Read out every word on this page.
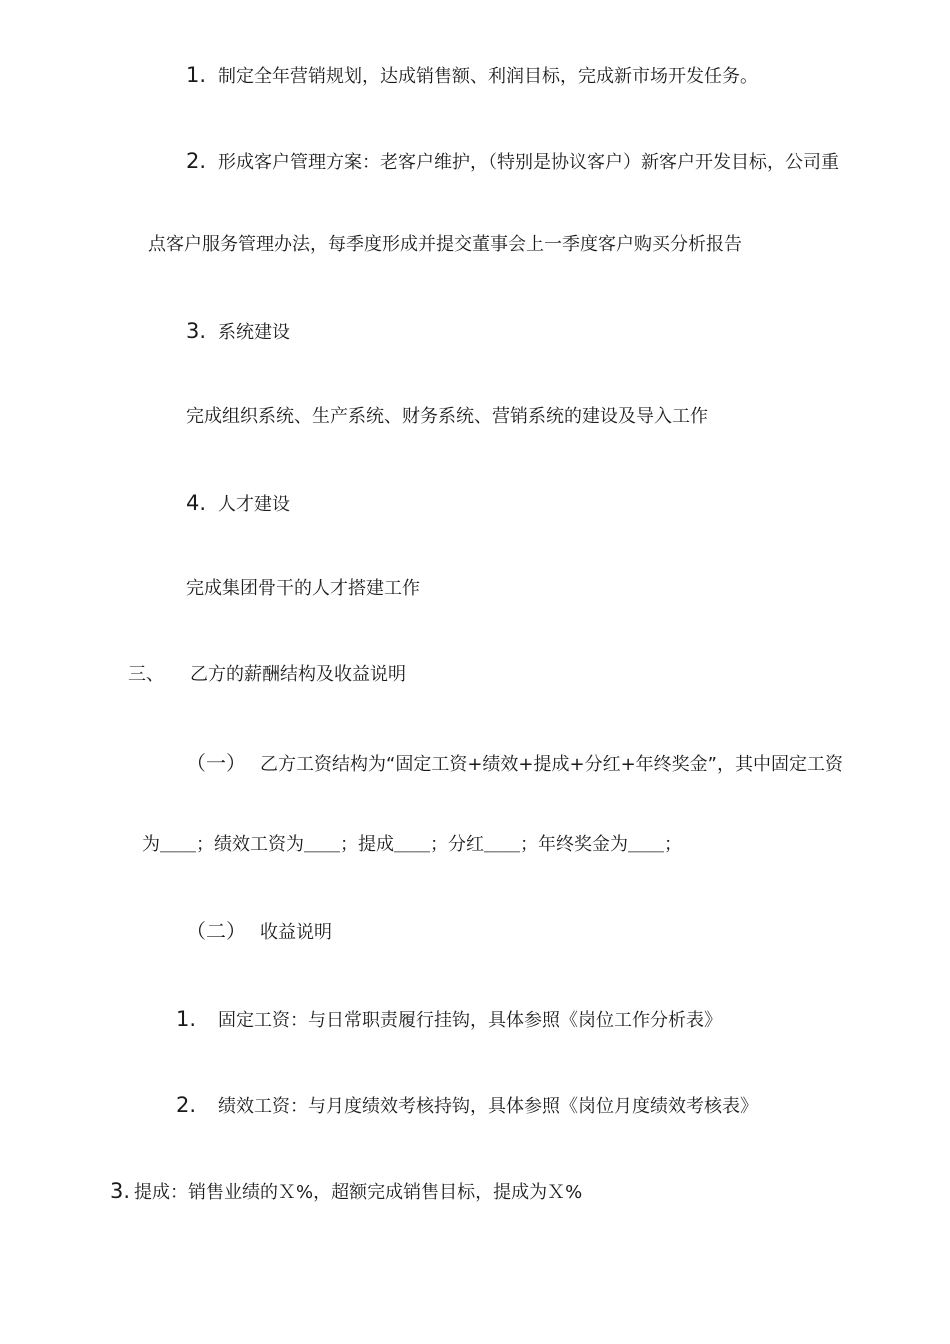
1. 制定全年营销规划，达成销售额、利润目标，完成新市场开发任务。
2. 形成客户管理方案：老客户维护，（特别是协议客户）新客户开发目标，公司重
点客户服务管理办法，每季度形成并提交董事会上一季度客户购买分析报告
3. 系统建设
完成组织系统、生产系统、财务系统、营销系统的建设及导入工作
4. 人才建设
完成集团骨干的人才搭建工作
三、 乙方的薪酬结构及收益说明
（一） 乙方工资结构为“固定工资+绩效+提成+分红+年终奖金”，其中固定工资
为＿＿；绩效工资为＿＿；提成＿＿；分红＿＿；年终奖金为＿＿；
（二） 收益说明
1. 固定工资：与日常职责履行挂钩，具体参照《岗位工作分析表》
2. 绩效工资：与月度绩效考核持钩，具体参照《岗位月度绩效考核表》
3. 提成：销售业绩的Ｘ%，超额完成销售目标，提成为Ｘ%
